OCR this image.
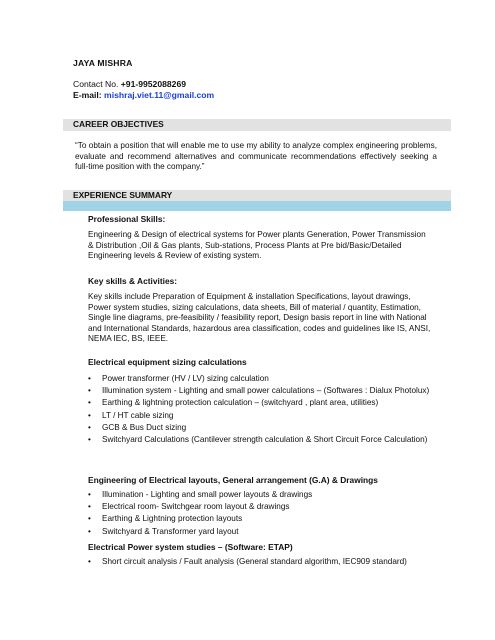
JAYA MISHRA
Contact No. +91-9952088269
E-mail: mishraj.viet.11@gmail.com
CAREER OBJECTIVES
“To obtain a position that will enable me to use my ability to analyze complex engineering problems, evaluate and recommend alternatives and communicate recommendations effectively seeking a full-time position with the company.”
EXPERIENCE SUMMARY
Professional Skills:
Engineering & Design of electrical systems for Power plants Generation, Power Transmission & Distribution ,Oil & Gas plants, Sub-stations, Process Plants at Pre bid/Basic/Detailed Engineering levels & Review of existing system.
Key skills & Activities:
Key skills include Preparation of Equipment & installation Specifications, layout drawings, Power system studies, sizing calculations, data sheets, Bill of material / quantity, Estimation, Single line diagrams, pre-feasibility / feasibility report, Design basis report in line with National and International Standards, hazardous area classification, codes and guidelines like IS, ANSI, NEMA IEC, BS, IEEE.
Electrical equipment sizing calculations
• Power transformer (HV / LV) sizing calculation
• Illumination system - Lighting and small power calculations – (Softwares : Dialux Photolux)
• Earthing & lightning protection calculation – (switchyard , plant area, utilities)
• LT / HT cable sizing
• GCB & Bus Duct sizing
• Switchyard Calculations (Cantilever strength calculation & Short Circuit Force Calculation)
Engineering of Electrical layouts, General arrangement (G.A) & Drawings
• Illumination - Lighting and small power layouts & drawings
• Electrical room- Switchgear room layout & drawings
• Earthing & Lightning protection layouts
• Switchyard & Transformer yard layout
Electrical Power system studies – (Software: ETAP)
• Short circuit analysis / Fault analysis (General standard algorithm, IEC909 standard)
